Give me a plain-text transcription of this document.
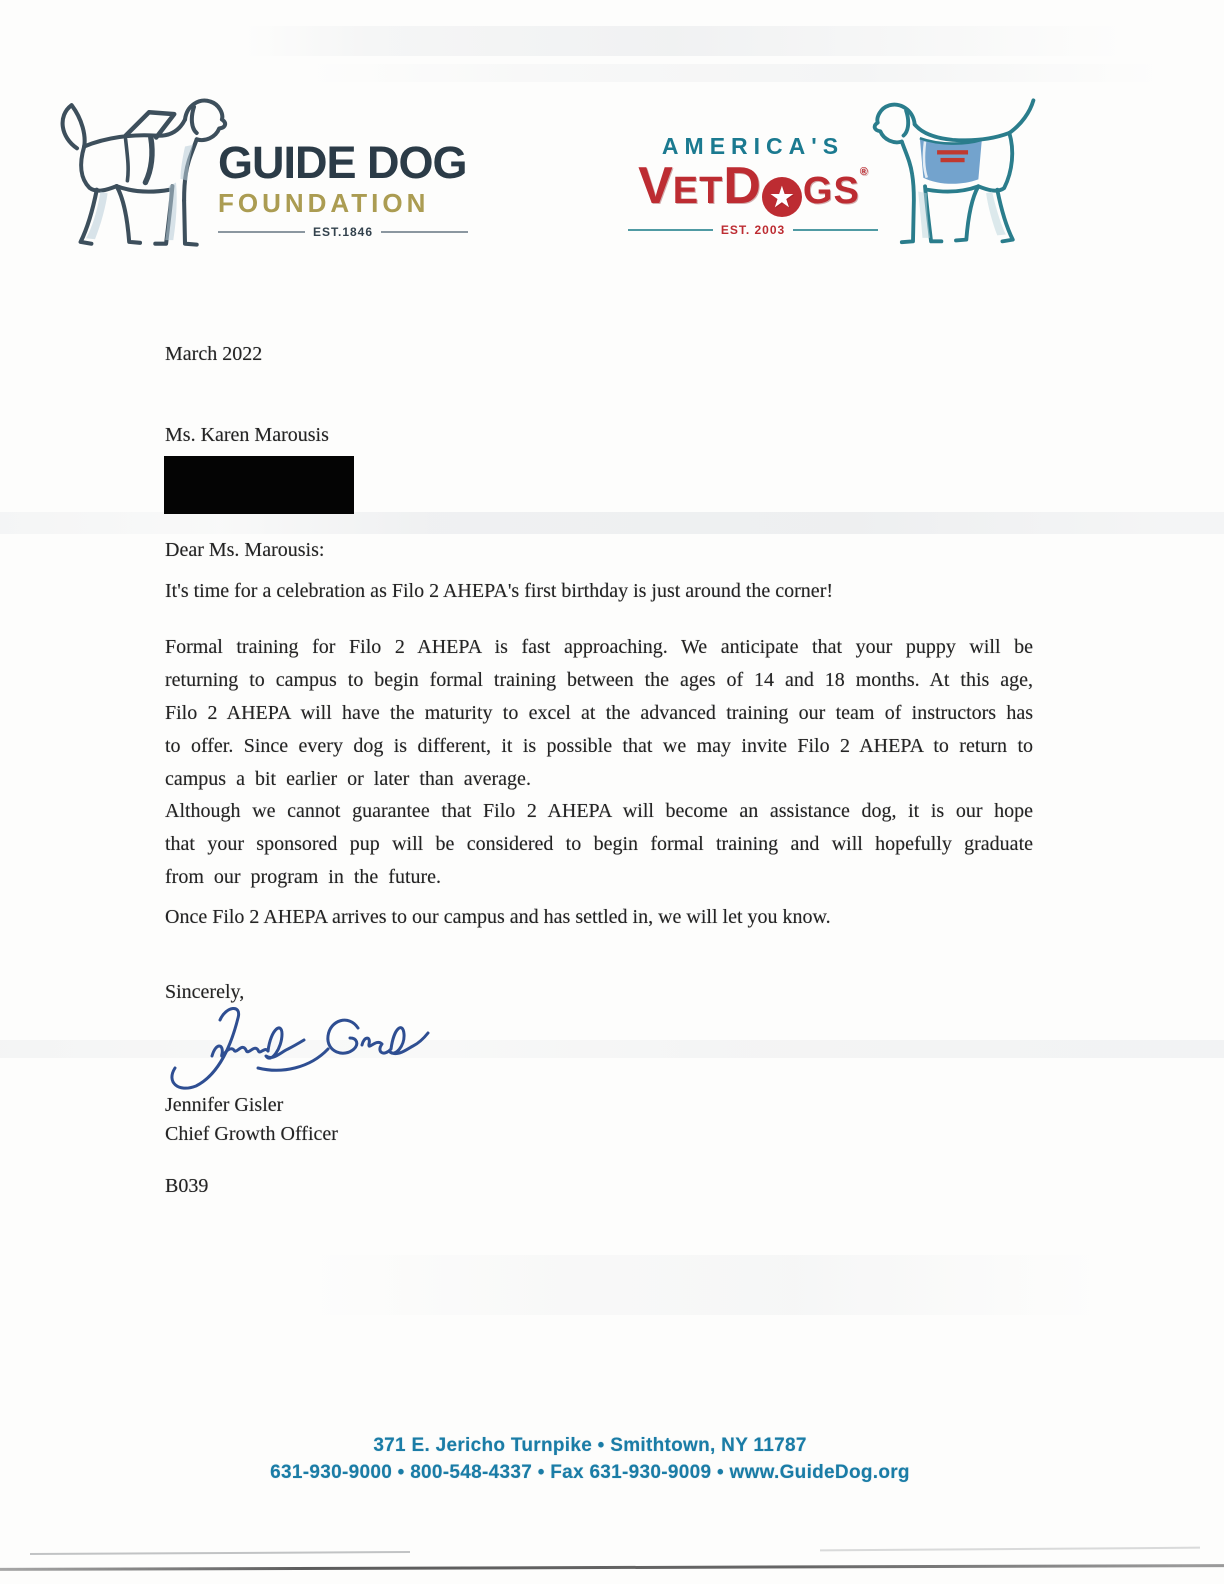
GUIDE DOG
FOUNDATION
EST.1846
AMERICA'S
VETD ★ GS®
EST. 2003
March 2022
Ms. Karen Marousis
Dear Ms. Marousis:
It's time for a celebration as Filo 2 AHEPA's first birthday is just around the corner!
Formal training for Filo 2 AHEPA is fast approaching. We anticipate that your puppy will be returning to campus to begin formal training between the ages of 14 and 18 months. At this age, Filo 2 AHEPA will have the maturity to excel at the advanced training our team of instructors has to offer. Since every dog is different, it is possible that we may invite Filo 2 AHEPA to return to campus a bit earlier or later than average.
Although we cannot guarantee that Filo 2 AHEPA will become an assistance dog, it is our hope that your sponsored pup will be considered to begin formal training and will hopefully graduate from our program in the future.
Once Filo 2 AHEPA arrives to our campus and has settled in, we will let you know.
Sincerely,
Jennifer Gisler
Chief Growth Officer
B039
371 E. Jericho Turnpike • Smithtown, NY 11787
631-930-9000 • 800-548-4337 • Fax 631-930-9009 • www.GuideDog.org
